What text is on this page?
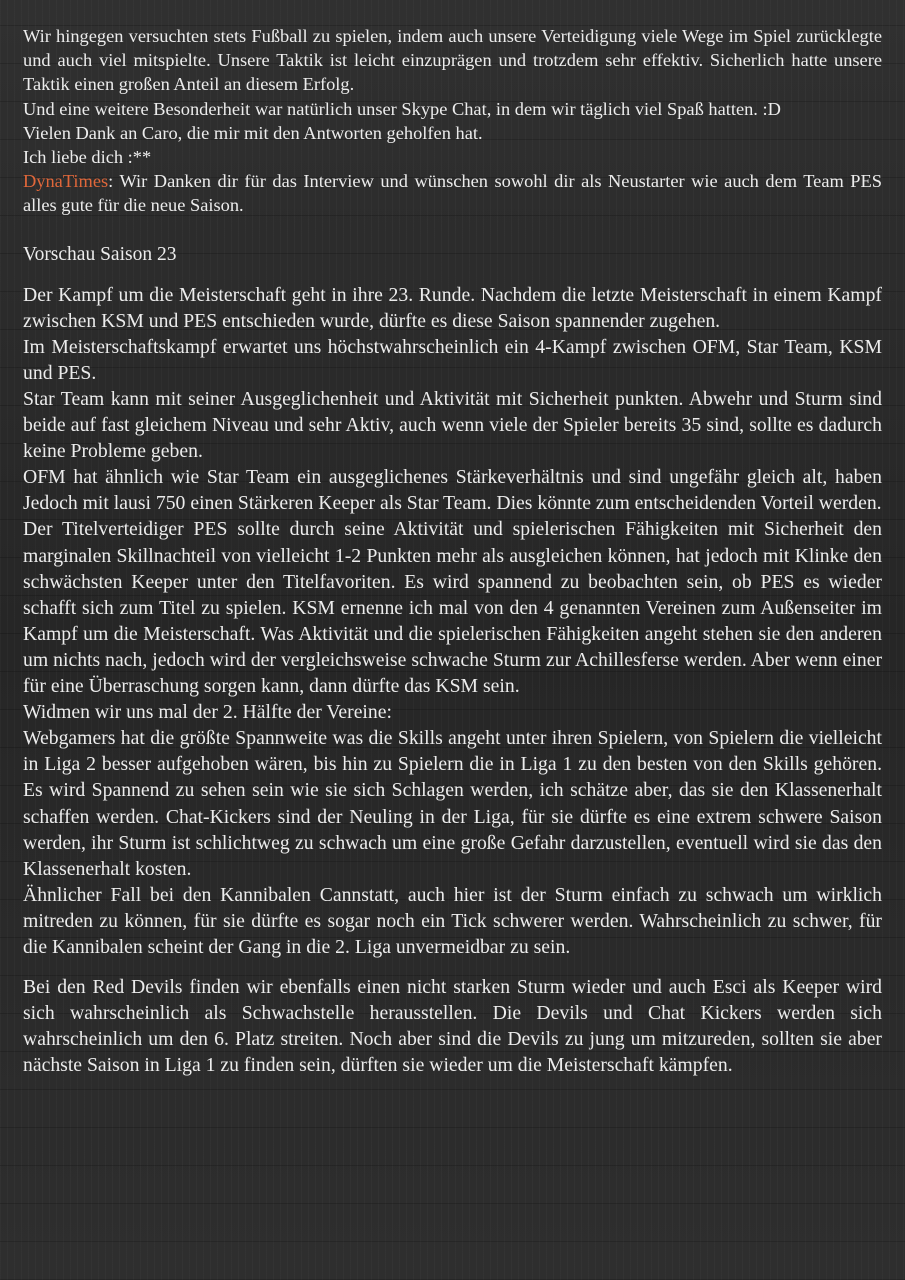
Wir hingegen versuchten stets Fußball zu spielen, indem auch unsere Verteidigung viele Wege im Spiel zurücklegte und auch viel mitspielte. Unsere Taktik ist leicht einzuprägen und trotzdem sehr effektiv. Sicherlich hatte unsere Taktik einen großen Anteil an diesem Erfolg.

Und eine weitere Besonderheit war natürlich unser Skype Chat, in dem wir täglich viel Spaß hatten. :D

Vielen Dank an Caro, die mir mit den Antworten geholfen hat.

Ich liebe dich :**

DynaTimes: Wir Danken dir für das Interview und wünschen sowohl dir als Neustarter wie auch dem Team PES alles gute für die neue Saison.

Vorschau Saison 23

Der Kampf um die Meisterschaft geht in ihre 23. Runde. Nachdem die letzte Meisterschaft in einem Kampf zwischen KSM und PES entschieden wurde, dürfte es diese Saison spannender zugehen.

Im Meisterschaftskampf erwartet uns höchstwahrscheinlich ein 4-Kampf zwischen OFM, Star Team, KSM und PES.

Star Team kann mit seiner Ausgeglichenheit und Aktivität mit Sicherheit punkten. Abwehr und Sturm sind beide auf fast gleichem Niveau und sehr Aktiv, auch wenn viele der Spieler bereits 35 sind, sollte es dadurch keine Probleme geben.

OFM hat ähnlich wie Star Team ein ausgeglichenes Stärkeverhältnis und sind ungefähr gleich alt, haben Jedoch mit lausi 750 einen Stärkeren Keeper als Star Team. Dies könnte zum entscheidenden Vorteil werden.

Der Titelverteidiger PES sollte durch seine Aktivität und spielerischen Fähigkeiten mit Sicherheit den marginalen Skillnachteil von vielleicht 1-2 Punkten mehr als ausgleichen können, hat jedoch mit Klinke den schwächsten Keeper unter den Titelfavoriten. Es wird spannend zu beobachten sein, ob PES es wieder schafft sich zum Titel zu spielen. KSM ernenne ich mal von den 4 genannten Vereinen zum Außenseiter im Kampf um die Meisterschaft. Was Aktivität und die spielerischen Fähigkeiten angeht stehen sie den anderen um nichts nach, jedoch wird der vergleichsweise schwache Sturm zur Achillesferse werden. Aber wenn einer für eine Überraschung sorgen kann, dann dürfte das KSM sein.

Widmen wir uns mal der 2. Hälfte der Vereine:

Webgamers hat die größte Spannweite was die Skills angeht unter ihren Spielern, von Spielern die vielleicht in Liga 2 besser aufgehoben wären, bis hin zu Spielern die in Liga 1 zu den besten von den Skills gehören. Es wird Spannend zu sehen sein wie sie sich Schlagen werden, ich schätze aber, das sie den Klassenerhalt schaffen werden. Chat-Kickers sind der Neuling in der Liga, für sie dürfte es eine extrem schwere Saison werden, ihr Sturm ist schlichtweg zu schwach um eine große Gefahr darzustellen, eventuell wird sie das den Klassenerhalt kosten.

Ähnlicher Fall bei den Kannibalen Cannstatt, auch hier ist der Sturm einfach zu schwach um wirklich mitreden zu können, für sie dürfte es sogar noch ein Tick schwerer werden. Wahrscheinlich zu schwer, für die Kannibalen scheint der Gang in die 2. Liga unvermeidbar zu sein.

Bei den Red Devils finden wir ebenfalls einen nicht starken Sturm wieder und auch Esci als Keeper wird sich wahrscheinlich als Schwachstelle herausstellen. Die Devils und Chat Kickers werden sich wahrscheinlich um den 6. Platz streiten. Noch aber sind die Devils zu jung um mitzureden, sollten sie aber nächste Saison in Liga 1 zu finden sein, dürften sie wieder um die Meisterschaft kämpfen.
